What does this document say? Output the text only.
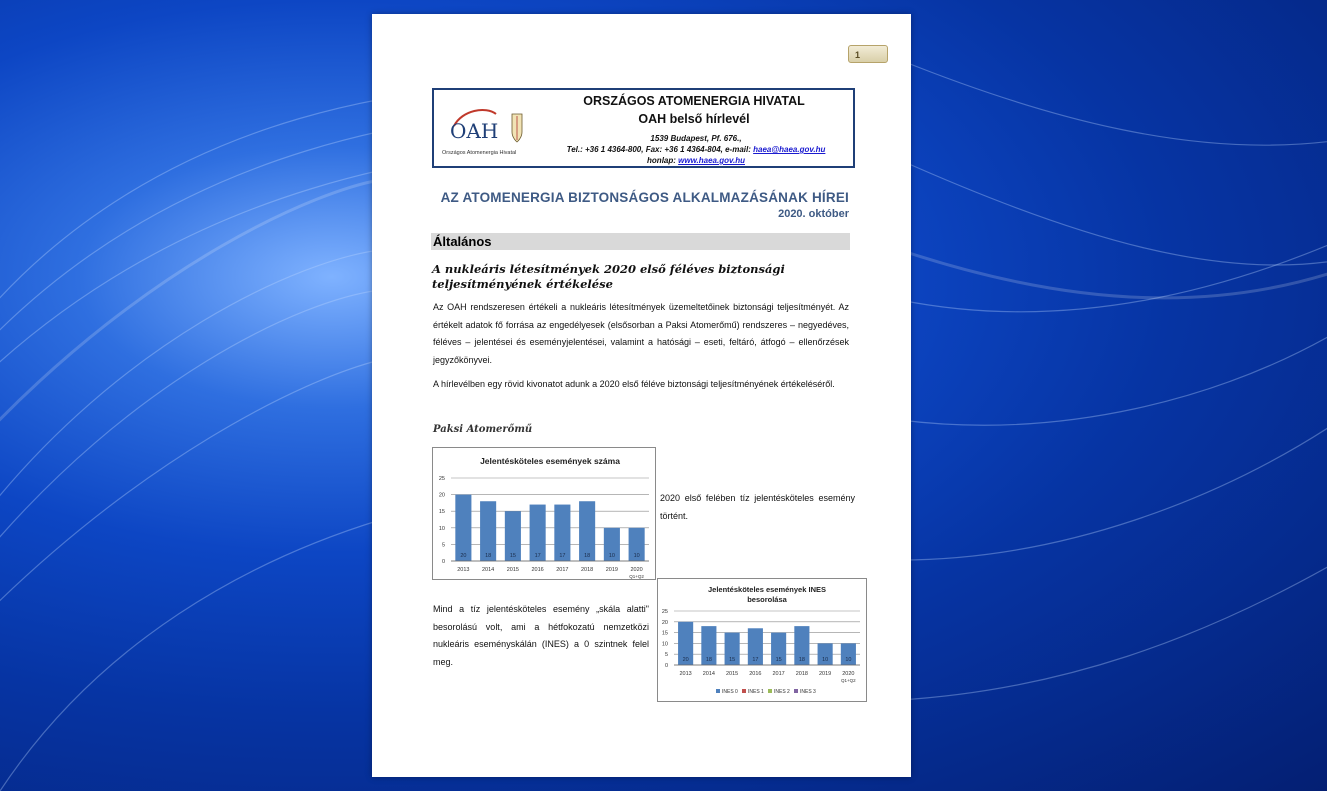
1
OAH
Országos Atomenergia Hivatal
ORSZÁGOS ATOMENERGIA HIVATAL
OAH belső hírlevél
1539 Budapest, Pf. 676.,
Tel.: +36 1 4364-800, Fax: +36 1 4364-804, e-mail: haea@haea.gov.hu
honlap: www.haea.gov.hu
AZ ATOMENERGIA BIZTONSÁGOS ALKALMAZÁSÁNAK HÍREI
2020. október
Általános
A nukleáris létesítmények 2020 első féléves biztonsági teljesítményének értékelése
Az OAH rendszeresen értékeli a nukleáris létesítmények üzemeltetőinek biztonsági teljesítményét. Az értékelt adatok fő forrása az engedélyesek (elsősorban a Paksi Atomerőmű) rendszeres – negyedéves, féléves – jelentései és eseményjelentései, valamint a hatósági – eseti, feltáró, átfogó – ellenőrzések jegyzőkönyvei.
A hírlevélben egy rövid kivonatot adunk a 2020 első féléve biztonsági teljesítményének értékeléséről.
Paksi Atomerőmű
Jelentésköteles események száma
0
5
10
15
20
25
20
2013
18
2014
15
2015
17
2016
17
2017
18
2018
10
2019
10
2020
Q1+Q2
2020 első felében tíz jelentésköteles esemény történt.
Jelentésköteles események INES
besorolása
0
5
10
15
20
25
20
2013
18
2014
15
2015
17
2016
15
2017
18
2018
10
2019
10
2020
Q1+Q2
INES 0 INES 1 INES 2 INES 3
Mind a tíz jelentésköteles esemény „skála alatti" besorolású volt, ami a hétfokozatú nemzetközi nukleáris eseményskálán (INES) a 0 szintnek felel meg.
